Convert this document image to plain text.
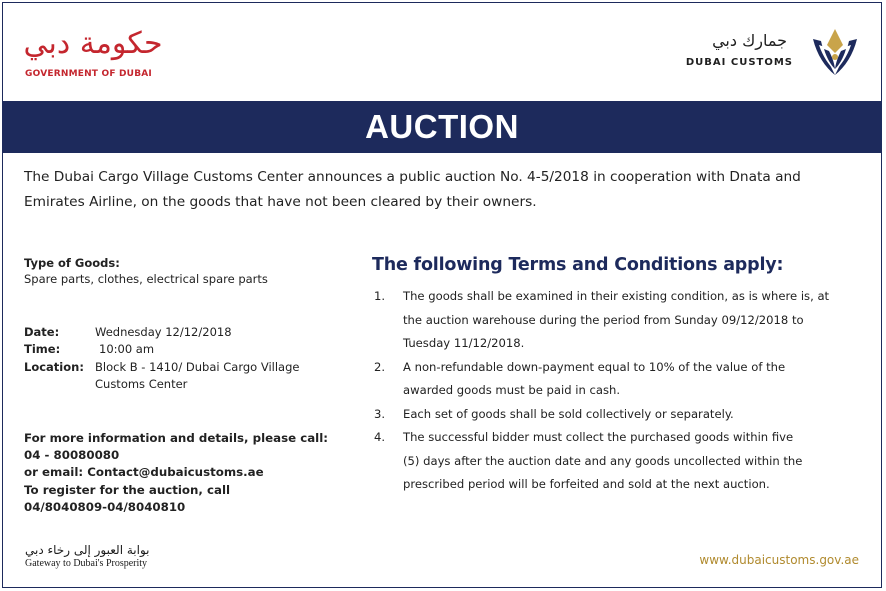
حكومة دبي
GOVERNMENT OF DUBAI
جمارك دبي
DUBAI CUSTOMS
AUCTION
The Dubai Cargo Village Customs Center announces a public auction No. 4-5/2018 in cooperation with Dnata and
Emirates Airline, on the goods that have not been cleared by their owners.
Type of Goods:
Spare parts, clothes, electrical spare parts
Date:	Wednesday 12/12/2018
Time:	10:00 am
Location: Block B - 1410/ Dubai Cargo Village
Customs Center
For more information and details, please call:
04 - 80080080
or email: Contact@dubaicustoms.ae
To register for the auction, call
04/8040809-04/8040810
The following Terms and Conditions apply:
1. The goods shall be examined in their existing condition, as is where is, at
the auction warehouse during the period from Sunday 09/12/2018 to
Tuesday 11/12/2018.
2. A non-refundable down-payment equal to 10% of the value of the
awarded goods must be paid in cash.
3. Each set of goods shall be sold collectively or separately.
4. The successful bidder must collect the purchased goods within five
(5) days after the auction date and any goods uncollected within the
prescribed period will be forfeited and sold at the next auction.
بوابة العبور إلى رخاء دبي
Gateway to Dubai's Prosperity	www.dubaicustoms.gov.ae
